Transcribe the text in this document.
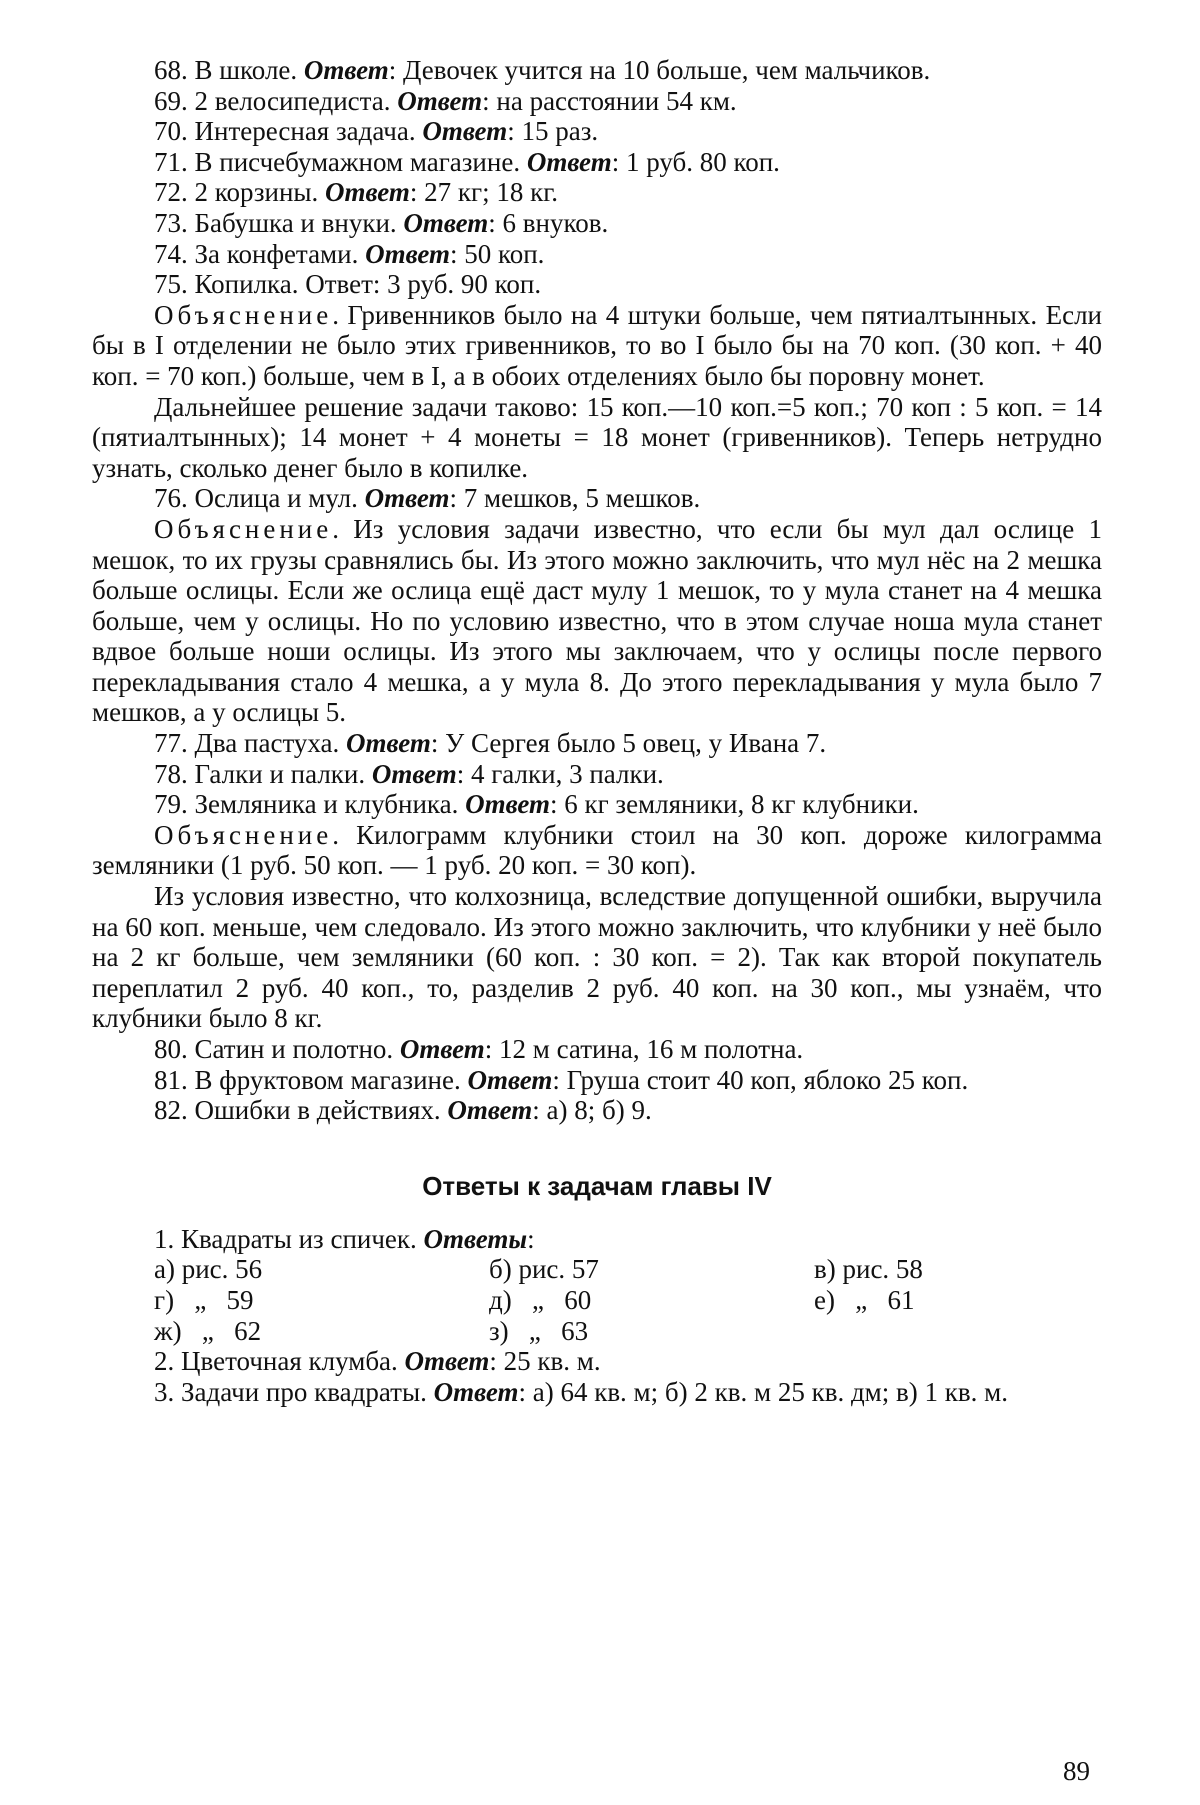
68. В школе. Ответ: Девочек учится на 10 больше, чем мальчиков.

69. 2 велосипедиста. Ответ: на расстоянии 54 км.

70. Интересная задача. Ответ: 15 раз.

71. В писчебумажном магазине. Ответ: 1 руб. 80 коп.

72. 2 корзины. Ответ: 27 кг; 18 кг.

73. Бабушка и внуки. Ответ: 6 внуков.

74. За конфетами. Ответ: 50 коп.

75. Копилка. Ответ: 3 руб. 90 коп.

Объяснение. Гривенников было на 4 штуки больше, чем пятиалтынных. Если бы в I отделении не было этих гривенников, то во I было бы на 70 коп. (30 коп. + 40 коп. = 70 коп.) больше, чем в I, а в обоих отделениях было бы поровну монет.

Дальнейшее решение задачи таково: 15 коп.—10 коп.=5 коп.; 70 коп : 5 коп. = 14 (пятиалтынных); 14 монет + 4 монеты = 18 монет (гривенников). Теперь нетрудно узнать, сколько денег было в копилке.

76. Ослица и мул. Ответ: 7 мешков, 5 мешков.

Объяснение. Из условия задачи известно, что если бы мул дал ослице 1 мешок, то их грузы сравнялись бы. Из этого можно заключить, что мул нёс на 2 мешка больше ослицы. Если же ослица ещё даст мулу 1 мешок, то у мула станет на 4 мешка больше, чем у ослицы. Но по условию известно, что в этом случае ноша мула станет вдвое больше ноши ослицы. Из этого мы заключаем, что у ослицы после первого перекладывания стало 4 мешка, а у мула 8. До этого перекладывания у мула было 7 мешков, а у ослицы 5.

77. Два пастуха. Ответ: У Сергея было 5 овец, у Ивана 7.

78. Галки и палки. Ответ: 4 галки, 3 палки.

79. Земляника и клубника. Ответ: 6 кг земляники, 8 кг клубники.

Объяснение. Килограмм клубники стоил на 30 коп. дороже килограмма земляники (1 руб. 50 коп. — 1 руб. 20 коп. = 30 коп).

Из условия известно, что колхозница, вследствие допущенной ошибки, выручила на 60 коп. меньше, чем следовало. Из этого можно заключить, что клубники у неё было на 2 кг больше, чем земляники (60 коп. : 30 коп. = 2). Так как второй покупатель переплатил 2 руб. 40 коп., то, разделив 2 руб. 40 коп. на 30 коп., мы узнаём, что клубники было 8 кг.

80. Сатин и полотно. Ответ: 12 м сатина, 16 м полотна.

81. В фруктовом магазине. Ответ: Груша стоит 40 коп, яблоко 25 коп.

82. Ошибки в действиях. Ответ: а) 8; б) 9.

Ответы к задачам главы IV

1. Квадраты из спичек. Ответы:

а) рис. 56	б) рис. 57	в) рис. 58
г)   „   59	д)   „   60	е)   „   61
ж)   „   62	з)   „   63

2. Цветочная клумба. Ответ: 25 кв. м.

3. Задачи про квадраты. Ответ: а) 64 кв. м; б) 2 кв. м 25 кв. дм; в) 1 кв. м.

89
